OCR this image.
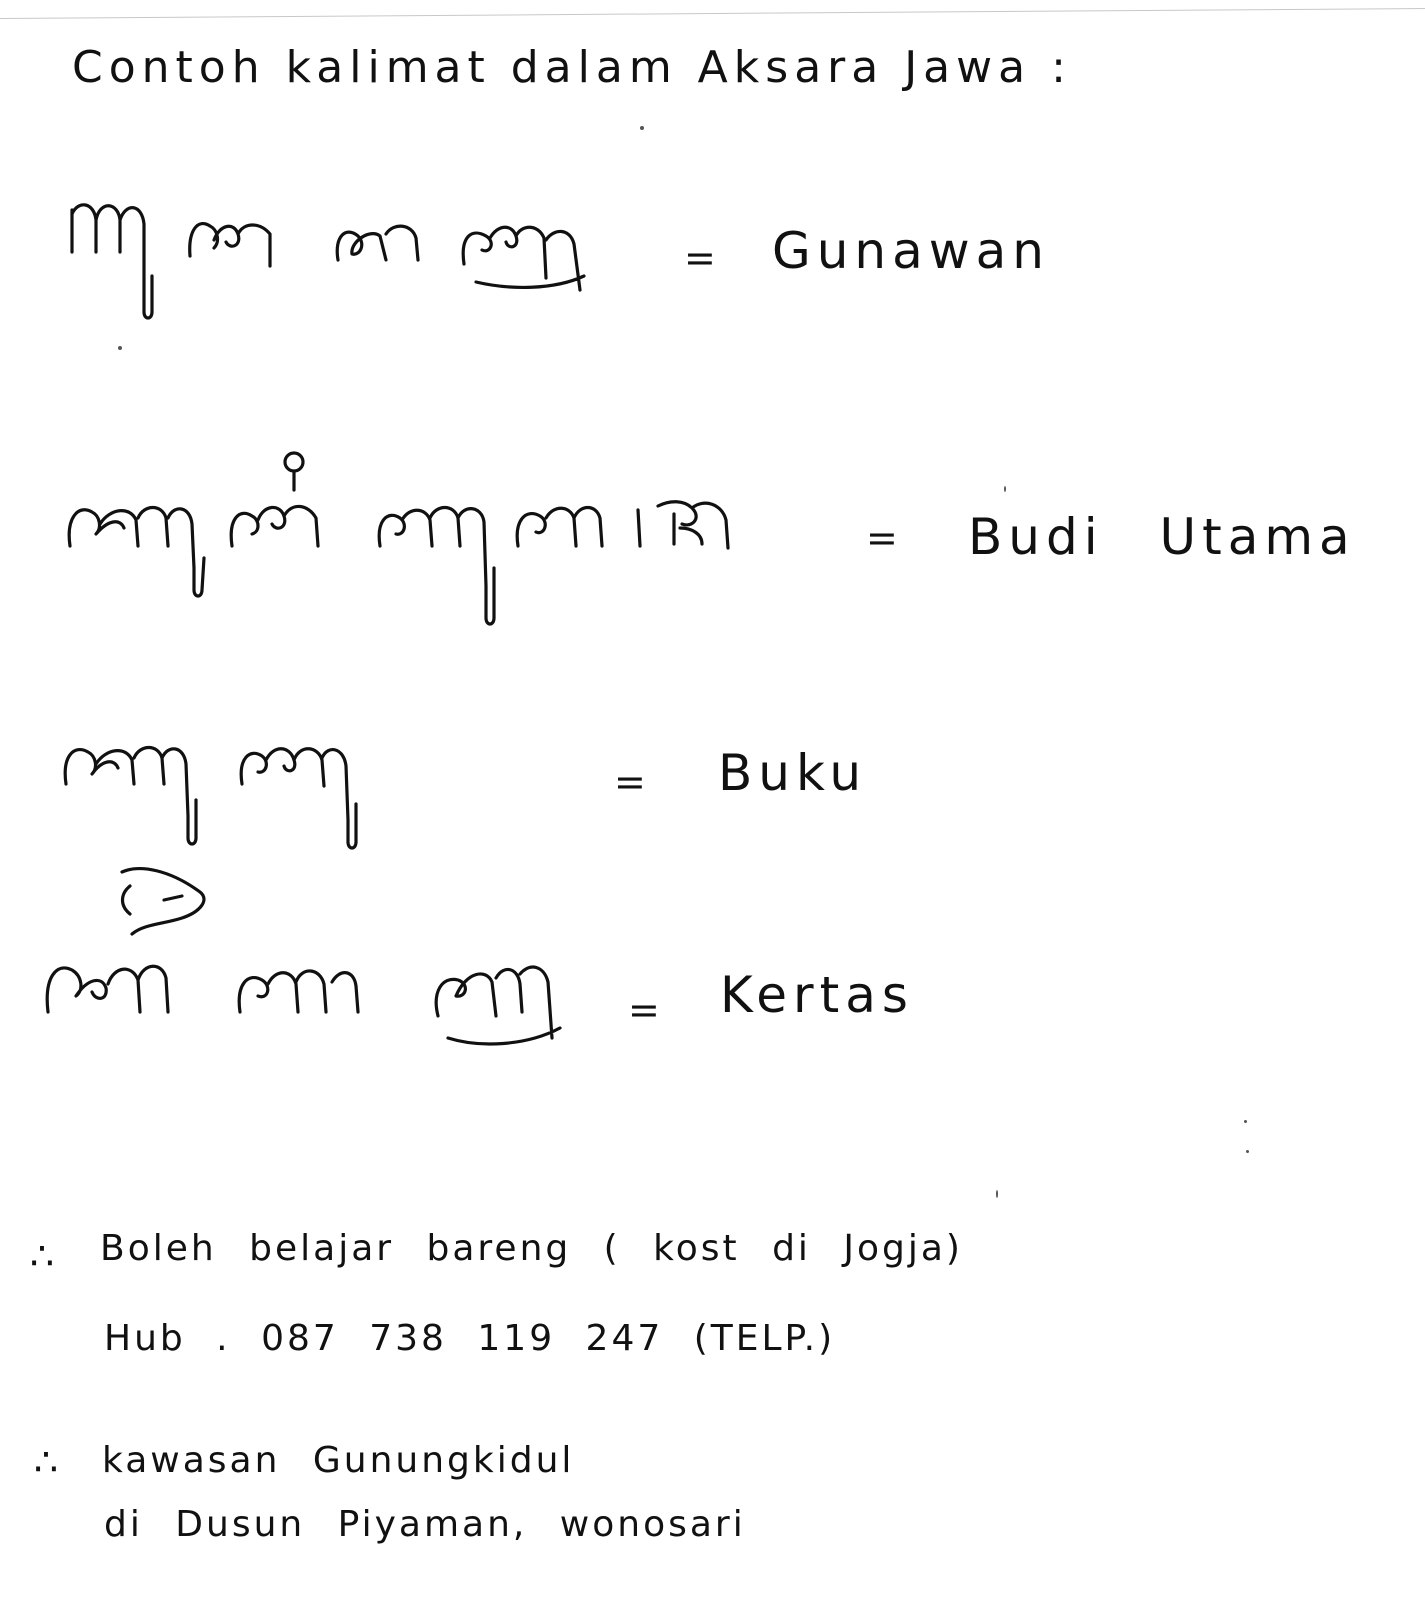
Contoh kalimat dalam Aksara Jawa :
= Gunawan
= Budi Utama
= Buku
= Kertas
∴ Boleh belajar bareng ( kost di Jogja)
Hub . 087 738 119 247 (TELP.)
∴ kawasan Gunungkidul
di Dusun Piyaman, wonosari
